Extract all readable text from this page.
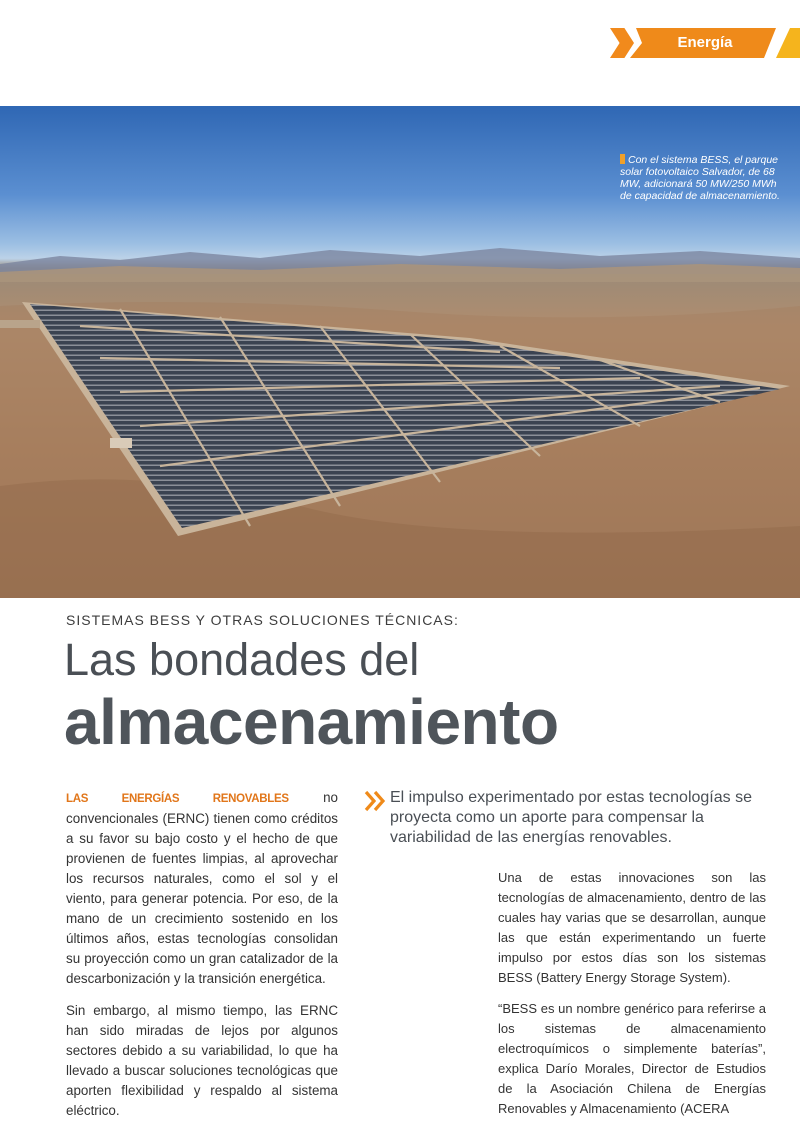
Energía
Con el sistema BESS, el parque solar fotovoltaico Salvador, de 68 MW, adicionará 50 MW/250 MWh de capacidad de almacenamiento.
SISTEMAS BESS Y OTRAS SOLUCIONES TÉCNICAS:
Las bondades del
almacenamiento

LAS ENERGÍAS RENOVABLES no convencionales (ERNC) tienen como créditos a su favor su bajo costo y el hecho de que provienen de fuentes limpias, al aprovechar los recursos naturales, como el sol y el viento, para generar potencia. Por eso, de la mano de un crecimiento sostenido en los últimos años, estas tecnologías consolidan su proyección como un gran catalizador de la descarbonización y la transición energética.

Sin embargo, al mismo tiempo, las ERNC han sido miradas de lejos por algunos sectores debido a su variabilidad, lo que ha llevado a buscar soluciones tecnológicas que aporten flexibilidad y respaldo al sistema eléctrico.

El impulso experimentado por estas tecnologías se proyecta como un aporte para compensar la variabilidad de las energías renovables.

Una de estas innovaciones son las tecnologías de almacenamiento, dentro de las cuales hay varias que se desarrollan, aunque las que están experimentando un fuerte impulso por estos días son los sistemas BESS (Battery Energy Storage System).

“BESS es un nombre genérico para referirse a los sistemas de almacenamiento electroquímicos o simplemente baterías”, explica Darío Morales, Director de Estudios de la Asociación Chilena de Energías Renovables y Almacenamiento (ACERA
